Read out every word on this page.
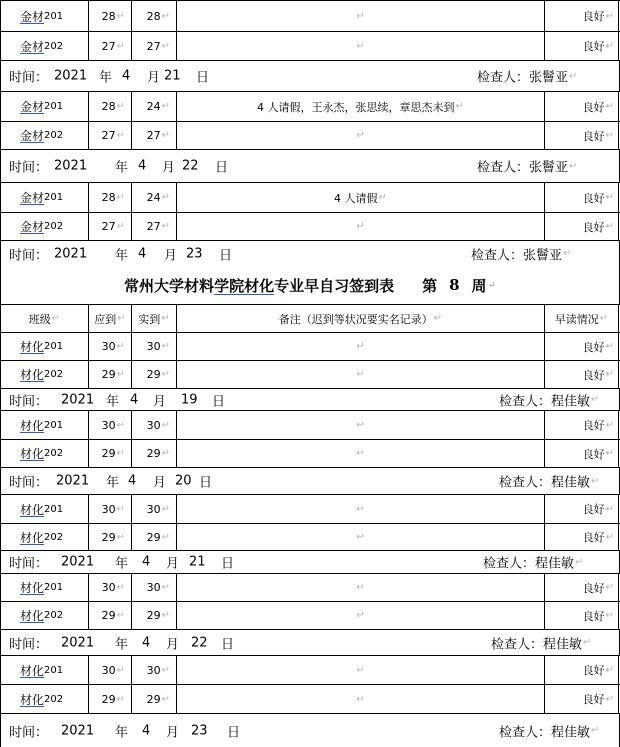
金材 201	28 ↵ 28 ↵	↵	良好 ↵
金材 202	27 ↵ 27 ↵	↵	良好 ↵
时间： 2021 年 4 月 21 日	检查人：张鬙亚 ↵
金材 201	28 ↵ 24 ↵	4 人请假，王永杰，张思续，章思杰未到 ↵	良好 ↵
金材 202	27 ↵ 27 ↵	↵	良好 ↵
时间： 2021 年 4 月 22 日	检查人：张鬙亚 ↵
金材 201	28 ↵ 24 ↵	4 人请假 ↵	良好 ↵
金材 202	27 ↵ 27 ↵	↵	良好 ↵
时间： 2021 年 4 月 23 日	检查人：张鬙亚 ↵
常州大学材料 学院材化 专业早自习签到表 第 8 周 ↵
班级 ↵	应到 ↵ 实到 ↵	备注（迟到等状况要实名记录） ↵	早读情况 ↵
材化 201	30 ↵ 30 ↵	↵	良好 ↵
材化 202	29 ↵ 29 ↵	↵	良好 ↵
时间： 2021 年 4 月 19 日	检查人：程佳敏 ↵
材化 201	30 ↵ 30 ↵	↵	良好 ↵
材化 202	29 ↵ 29 ↵	↵	良好 ↵
时间： 2021 年 4 月 20 日	检查人：程佳敏 ↵
材化 201	30 ↵ 30 ↵	↵	良好 ↵
材化 202	29 ↵ 29 ↵	↵	良好 ↵
时间： 2021 年 4 月 21 日	检查人：程佳敏 ↵
材化 201	30 ↵ 30 ↵	↵	良好 ↵
材化 202	29 ↵ 29 ↵	↵	良好 ↵
时间： 2021 年 4 月 22 日	检查人：程佳敏 ↵
材化 201	30 ↵ 30 ↵	↵	良好 ↵
材化 202	29 ↵ 29 ↵	↵	良好 ↵
时间： 2021 年 4 月 23 日	检查人：程佳敏 ↵
